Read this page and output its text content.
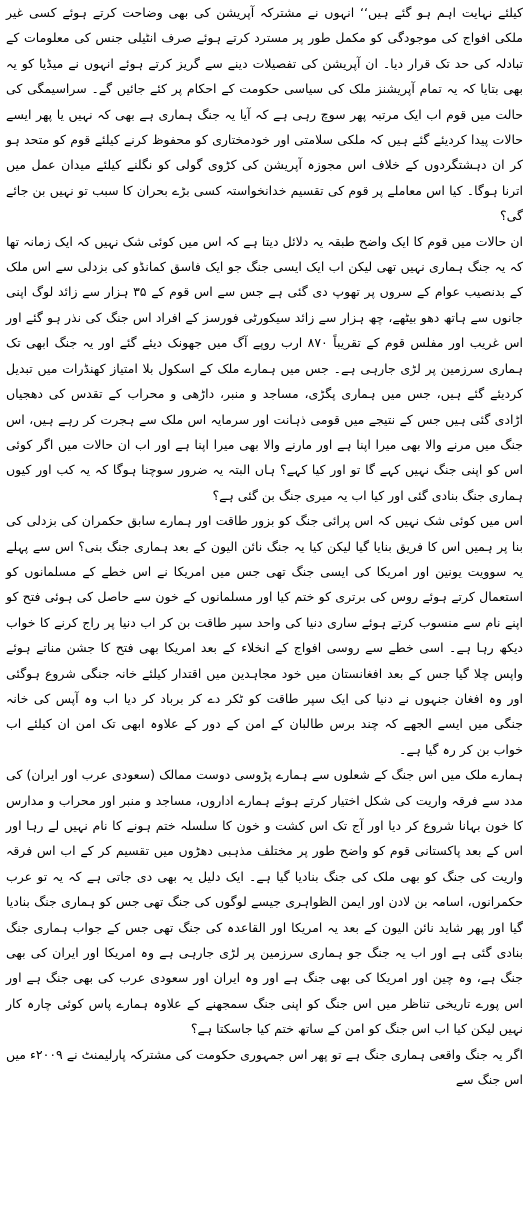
کیلئے نہایت اہم ہو گئے ہیں‘‘ انہوں نے مشترکہ آپریشن کی بھی وضاحت کرتے ہوئے کسی غیر ملکی افواج کی موجودگی کو مکمل طور پر مسترد کرتے ہوئے صرف انٹیلی جنس کی معلومات کے تبادلہ کی حد تک قرار دیا۔ ان آپریشن کی تفصیلات دینے سے گریز کرتے ہوئے انہوں نے میڈیا کو یہ بھی بتایا کہ یہ تمام آپریشنز ملک کی سیاسی حکومت کے احکام پر کئے جائیں گے۔ سراسیمگی کی حالت میں قوم اب ایک مرتبہ پھر سوچ رہی ہے کہ آیا یہ جنگ ہماری ہے بھی کہ نہیں یا پھر ایسے حالات پیدا کردیئے گئے ہیں کہ ملکی سلامتی اور خودمختاری کو محفوظ کرنے کیلئے قوم کو متحد ہو کر ان دہشتگردوں کے خلاف اس مجوزہ آپریشن کی کڑوی گولی کو نگلنے کیلئے میدان عمل میں اترنا ہوگا۔ کیا اس معاملے پر قوم کی تقسیم خدانخواستہ کسی بڑے بحران کا سبب تو نہیں بن جائے گی؟

ان حالات میں قوم کا ایک واضح طبقہ یہ دلائل دیتا ہے کہ اس میں کوئی شک نہیں کہ ایک زمانہ تھا کہ یہ جنگ ہماری نہیں تھی لیکن اب ایک ایسی جنگ جو ایک فاسق کمانڈو کی بزدلی سے اس ملک کے بدنصیب عوام کے سروں پر تھوپ دی گئی ہے جس سے اس قوم کے ۳۵ ہزار سے زائد لوگ اپنی جانوں سے ہاتھ دھو بیٹھے، چھ ہزار سے زائد سیکورٹی فورسز کے افراد اس جنگ کی نذر ہو گئے اور اس غریب اور مفلس قوم کے تقریباً ۸۷۰ ارب روپے آگ میں جھونک دیئے گئے اور یہ جنگ ابھی تک ہماری سرزمین پر لڑی جارہی ہے۔ جس میں ہمارے ملک کے اسکول بلا امتیاز کھنڈرات میں تبدیل کردیئے گئے ہیں، جس میں ہماری پگڑی، مساجد و منبر، داڑھی و محراب کے تقدس کی دھجیاں اڑادی گئی ہیں جس کے نتیجے میں قومی ذہانت اور سرمایہ اس ملک سے ہجرت کر رہے ہیں، اس جنگ میں مرنے والا بھی میرا اپنا ہے اور مارنے والا بھی میرا اپنا ہے اور اب ان حالات میں اگر کوئی اس کو اپنی جنگ نہیں کہے گا تو اور کیا کہے؟ ہاں البتہ یہ ضرور سوچنا ہوگا کہ یہ کب اور کیوں ہماری جنگ بنادی گئی اور کیا اب یہ میری جنگ بن گئی ہے؟

اس میں کوئی شک نہیں کہ اس پرائی جنگ کو بزور طاقت اور ہمارے سابق حکمران کی بزدلی کی بنا پر ہمیں اس کا فریق بنایا گیا لیکن کیا یہ جنگ نائن الیون کے بعد ہماری جنگ بنی؟ اس سے پہلے یہ سوویت یونین اور امریکا کی ایسی جنگ تھی جس میں امریکا نے اس خطے کے مسلمانوں کو استعمال کرتے ہوئے روس کی برتری کو ختم کیا اور مسلمانوں کے خون سے حاصل کی ہوئی فتح کو اپنے نام سے منسوب کرتے ہوئے ساری دنیا کی واحد سپر طاقت بن کر اب دنیا پر راج کرنے کا خواب دیکھ رہا ہے۔ اسی خطے سے روسی افواج کے انخلاء کے بعد امریکا بھی فتح کا جشن مناتے ہوئے واپس چلا گیا جس کے بعد افغانستان میں خود مجاہدین میں اقتدار کیلئے خانہ جنگی شروع ہوگئی اور وہ افغان جنہوں نے دنیا کی ایک سپر طاقت کو ٹکر دے کر برباد کر دیا اب وہ آپس کی خانہ جنگی میں ایسے الجھے کہ چند برس طالبان کے امن کے دور کے علاوہ ابھی تک امن ان کیلئے اب خواب بن کر رہ گیا ہے۔

ہمارے ملک میں اس جنگ کے شعلوں سے ہمارے پڑوسی دوست ممالک (سعودی عرب اور ایران) کی مدد سے فرقہ واریت کی شکل اختیار کرتے ہوئے ہمارے اداروں، مساجد و منبر اور محراب و مدارس کا خون بہانا شروع کر دیا اور آج تک اس کشت و خون کا سلسلہ ختم ہونے کا نام نہیں لے رہا اور اس کے بعد پاکستانی قوم کو واضح طور پر مختلف مذہبی دھڑوں میں تقسیم کر کے اب اس فرقہ واریت کی جنگ کو بھی ملک کی جنگ بنادیا گیا ہے۔ ایک دلیل یہ بھی دی جاتی ہے کہ یہ تو عرب حکمرانوں، اسامہ بن لادن اور ایمن الظواہری جیسے لوگوں کی جنگ تھی جس کو ہماری جنگ بنادیا گیا اور پھر شاید نائن الیون کے بعد یہ امریکا اور القاعدہ کی جنگ تھی جس کے جواب ہماری جنگ بنادی گئی ہے اور اب یہ جنگ جو ہماری سرزمین پر لڑی جارہی ہے وہ امریکا اور ایران کی بھی جنگ ہے، وہ چین اور امریکا کی بھی جنگ ہے اور وہ ایران اور سعودی عرب کی بھی جنگ ہے اور اس پورے تاریخی تناظر میں اس جنگ کو اپنی جنگ سمجھنے کے علاوہ ہمارے پاس کوئی چارہ کار نہیں لیکن کیا اب اس جنگ کو امن کے ساتھ ختم کیا جاسکتا ہے؟

اگر یہ جنگ واقعی ہماری جنگ ہے تو پھر اس جمہوری حکومت کی مشترکہ پارلیمنٹ نے ۲۰۰۹ء میں اس جنگ سے
